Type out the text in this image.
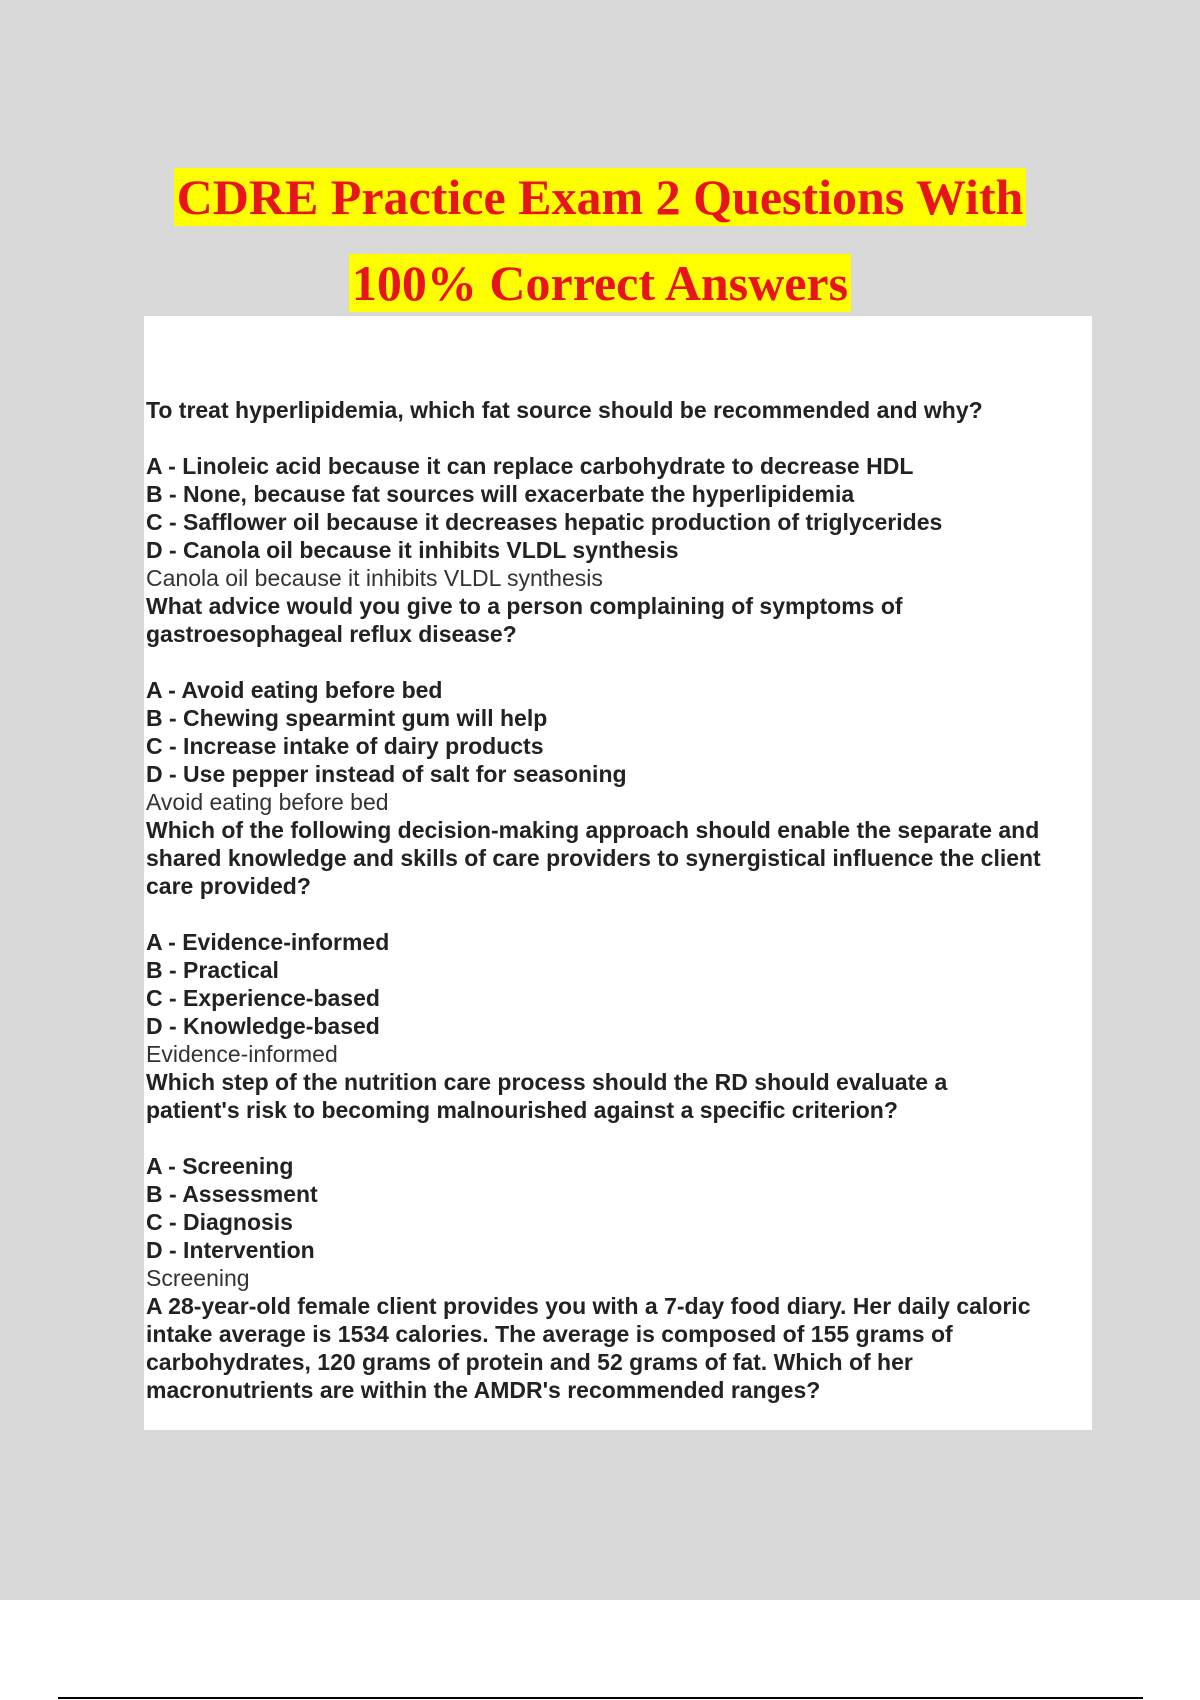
CDRE Practice Exam 2 Questions With
100% Correct Answers
To treat hyperlipidemia, which fat source should be recommended and why?
A - Linoleic acid because it can replace carbohydrate to decrease HDL
B - None, because fat sources will exacerbate the hyperlipidemia
C - Safflower oil because it decreases hepatic production of triglycerides
D - Canola oil because it inhibits VLDL synthesis
Canola oil because it inhibits VLDL synthesis
What advice would you give to a person complaining of symptoms of
gastroesophageal reflux disease?
A - Avoid eating before bed
B - Chewing spearmint gum will help
C - Increase intake of dairy products
D - Use pepper instead of salt for seasoning
Avoid eating before bed
Which of the following decision-making approach should enable the separate and
shared knowledge and skills of care providers to synergistical influence the client
care provided?
A - Evidence-informed
B - Practical
C - Experience-based
D - Knowledge-based
Evidence-informed
Which step of the nutrition care process should the RD should evaluate a
patient's risk to becoming malnourished against a specific criterion?
A - Screening
B - Assessment
C - Diagnosis
D - Intervention
Screening
A 28-year-old female client provides you with a 7-day food diary. Her daily caloric
intake average is 1534 calories. The average is composed of 155 grams of
carbohydrates, 120 grams of protein and 52 grams of fat. Which of her
macronutrients are within the AMDR's recommended ranges?
